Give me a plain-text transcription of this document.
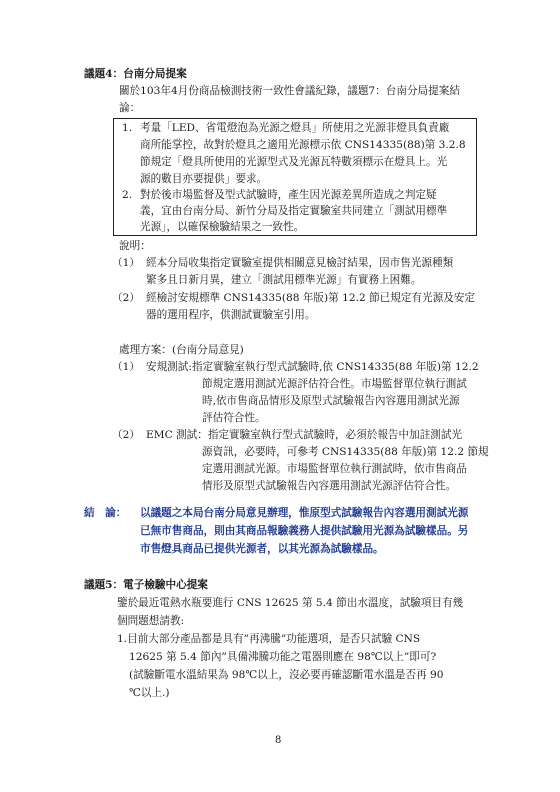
議題4：台南分局提案
關於103年4月份商品檢測技術一致性會議紀錄，議題7：台南分局提案結
論：
1. 考量「LED、省電燈泡為光源之燈具」所使用之光源非燈具負責廠
商所能掌控，故對於燈具之適用光源標示依 CNS14335(88)第 3.2.8
節規定「燈具所使用的光源型式及光源瓦特數須標示在燈具上。光
源的數目亦要提供」要求。
2. 對於後市場監督及型式試驗時，產生因光源差異所造成之判定疑
義，宜由台南分局、新竹分局及指定實驗室共同建立「測試用標準
光源」，以確保檢驗結果之一致性。
說明：
（1） 經本分局收集指定實驗室提供相關意見檢討結果，因市售光源種類
繁多且日新月異，建立「測試用標準光源」有實務上困難。
（2） 經檢討安規標準 CNS14335(88 年版)第 12.2 節已規定有光源及安定
器的選用程序，供測試實驗室引用。
處理方案：(台南分局意見)
（1） 安規測試:指定實驗室執行型式試驗時,依 CNS14335(88 年版)第 12.2
節規定選用測試光源評估符合性。市場監督單位執行測試
時,依市售商品情形及原型式試驗報告內容選用測試光源
評估符合性。
（2） EMC 測試：指定實驗室執行型式試驗時，必須於報告中加註測試光
源資訊，必要時，可參考 CNS14335(88 年版)第 12.2 節規
定選用測試光源。市場監督單位執行測試時，依市售商品
情形及原型式試驗報告內容選用測試光源評估符合性。
結　論： 以議題之本局台南分局意見辦理，惟原型式試驗報告內容選用測試光源
已無市售商品，則由其商品報驗義務人提供試驗用光源為試驗樣品。另
市售燈具商品已提供光源者，以其光源為試驗樣品。
議題5：電子檢驗中心提案
鑒於最近電熱水瓶要進行 CNS 12625 第 5.4 節出水溫度，試驗項目有幾
個問題想請教:
1.目前大部分產品都是具有”再沸騰”功能選項，是否只試驗 CNS
12625 第 5.4 節內”具備沸騰功能之電器則應在 98℃以上”即可?
(試驗斷電水溫結果為 98℃以上，沒必要再確認斷電水溫是否再 90
℃以上.)
8
